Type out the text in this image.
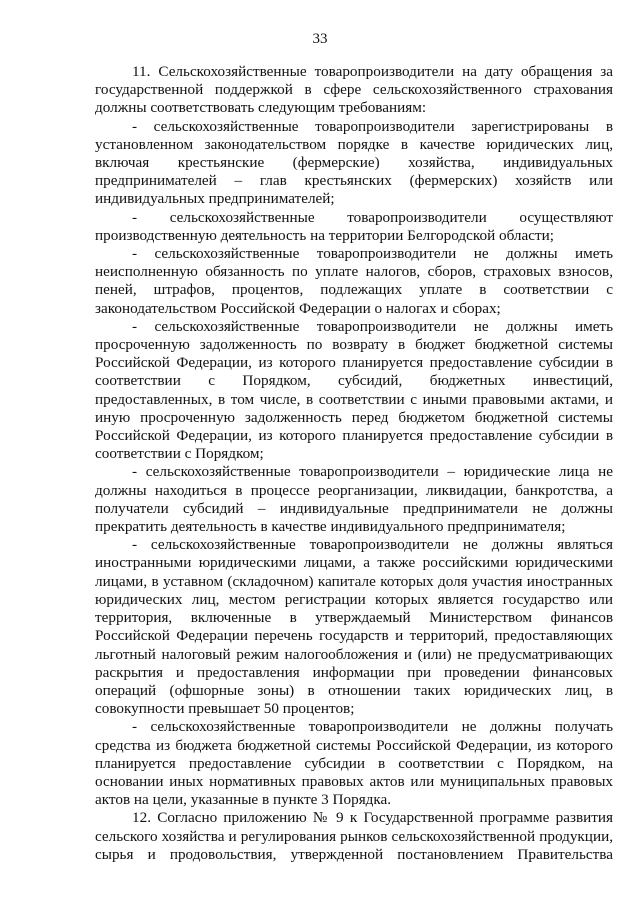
33

11. Сельскохозяйственные товаропроизводители на дату обращения за государственной поддержкой в сфере сельскохозяйственного страхования должны соответствовать следующим требованиям:

- сельскохозяйственные товаропроизводители зарегистрированы в установленном законодательством порядке в качестве юридических лиц, включая крестьянские (фермерские) хозяйства, индивидуальных предпринимателей – глав крестьянских (фермерских) хозяйств или индивидуальных предпринимателей;

- сельскохозяйственные товаропроизводители осуществляют производственную деятельность на территории Белгородской области;

- сельскохозяйственные товаропроизводители не должны иметь неисполненную обязанность по уплате налогов, сборов, страховых взносов, пеней, штрафов, процентов, подлежащих уплате в соответствии с законодательством Российской Федерации о налогах и сборах;

- сельскохозяйственные товаропроизводители не должны иметь просроченную задолженность по возврату в бюджет бюджетной системы Российской Федерации, из которого планируется предоставление субсидии в соответствии с Порядком, субсидий, бюджетных инвестиций, предоставленных, в том числе, в соответствии с иными правовыми актами, и иную просроченную задолженность перед бюджетом бюджетной системы Российской Федерации, из которого планируется предоставление субсидии в соответствии с Порядком;

- сельскохозяйственные товаропроизводители – юридические лица не должны находиться в процессе реорганизации, ликвидации, банкротства, а получатели субсидий – индивидуальные предприниматели не должны прекратить деятельность в качестве индивидуального предпринимателя;

- сельскохозяйственные товаропроизводители не должны являться иностранными юридическими лицами, а также российскими юридическими лицами, в уставном (складочном) капитале которых доля участия иностранных юридических лиц, местом регистрации которых является государство или территория, включенные в утверждаемый Министерством финансов Российской Федерации перечень государств и территорий, предоставляющих льготный налоговый режим налогообложения и (или) не предусматривающих раскрытия и предоставления информации при проведении финансовых операций (офшорные зоны) в отношении таких юридических лиц, в совокупности превышает 50 процентов;

- сельскохозяйственные товаропроизводители не должны получать средства из бюджета бюджетной системы Российской Федерации, из которого планируется предоставление субсидии в соответствии с Порядком, на основании иных нормативных правовых актов или муниципальных правовых актов на цели, указанные в пункте 3 Порядка.

12. Согласно приложению № 9 к Государственной программе развития сельского хозяйства и регулирования рынков сельскохозяйственной продукции, сырья и продовольствия, утвержденной постановлением Правительства
